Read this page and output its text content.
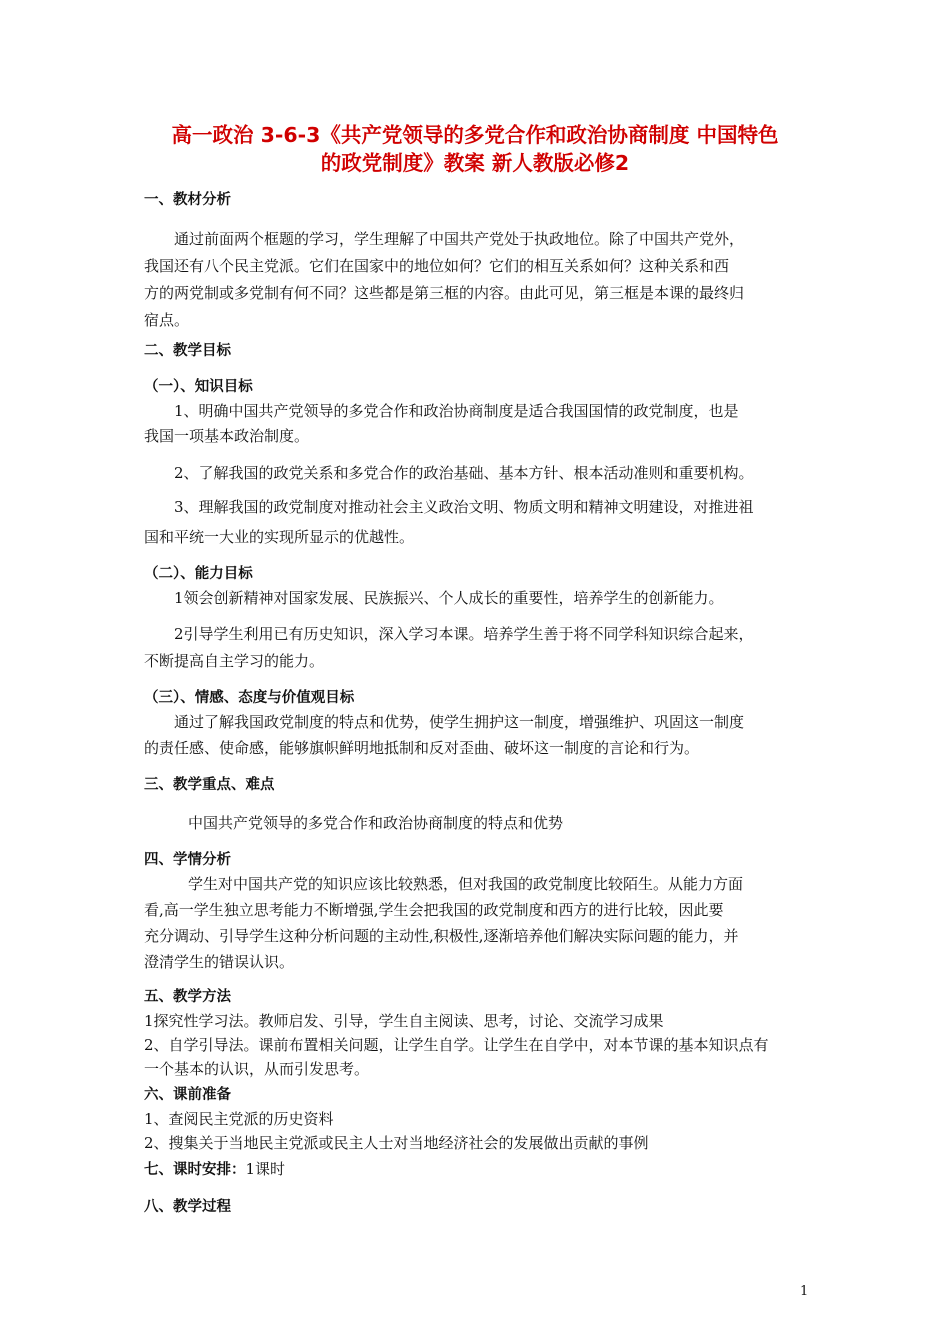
高一政治 3-6-3《共产党领导的多党合作和政治协商制度 中国特色
的政党制度》教案 新人教版必修2
一、教材分析
通过前面两个框题的学习，学生理解了中国共产党处于执政地位。除了中国共产党外，
我国还有八个民主党派。它们在国家中的地位如何？它们的相互关系如何？这种关系和西
方的两党制或多党制有何不同？这些都是第三框的内容。由此可见，第三框是本课的最终归
宿点。
二、教学目标
（一）、知识目标
1、明确中国共产党领导的多党合作和政治协商制度是适合我国国情的政党制度，也是
我国一项基本政治制度。
2、了解我国的政党关系和多党合作的政治基础、基本方针、根本活动准则和重要机构。
3、理解我国的政党制度对推动社会主义政治文明、物质文明和精神文明建设，对推进祖
国和平统一大业的实现所显示的优越性。
（二）、能力目标
1领会创新精神对国家发展、民族振兴、个人成长的重要性，培养学生的创新能力。
2引导学生利用已有历史知识，深入学习本课。培养学生善于将不同学科知识综合起来，
不断提高自主学习的能力。
（三）、情感、态度与价值观目标
通过了解我国政党制度的特点和优势，使学生拥护这一制度，增强维护、巩固这一制度
的责任感、使命感，能够旗帜鲜明地抵制和反对歪曲、破坏这一制度的言论和行为。
三、教学重点、难点
中国共产党领导的多党合作和政治协商制度的特点和优势
四、学情分析
学生对中国共产党的知识应该比较熟悉，但对我国的政党制度比较陌生。从能力方面
看,高一学生独立思考能力不断增强,学生会把我国的政党制度和西方的进行比较，因此要
充分调动、引导学生这种分析问题的主动性,积极性,逐渐培养他们解决实际问题的能力，并
澄清学生的错误认识。
五、教学方法
1探究性学习法。教师启发、引导，学生自主阅读、思考，讨论、交流学习成果
2、自学引导法。课前布置相关问题，让学生自学。让学生在自学中，对本节课的基本知识点有
一个基本的认识，从而引发思考。
六、课前准备
1、查阅民主党派的历史资料
2、搜集关于当地民主党派或民主人士对当地经济社会的发展做出贡献的事例
七、课时安排：1课时
八、教学过程
1
